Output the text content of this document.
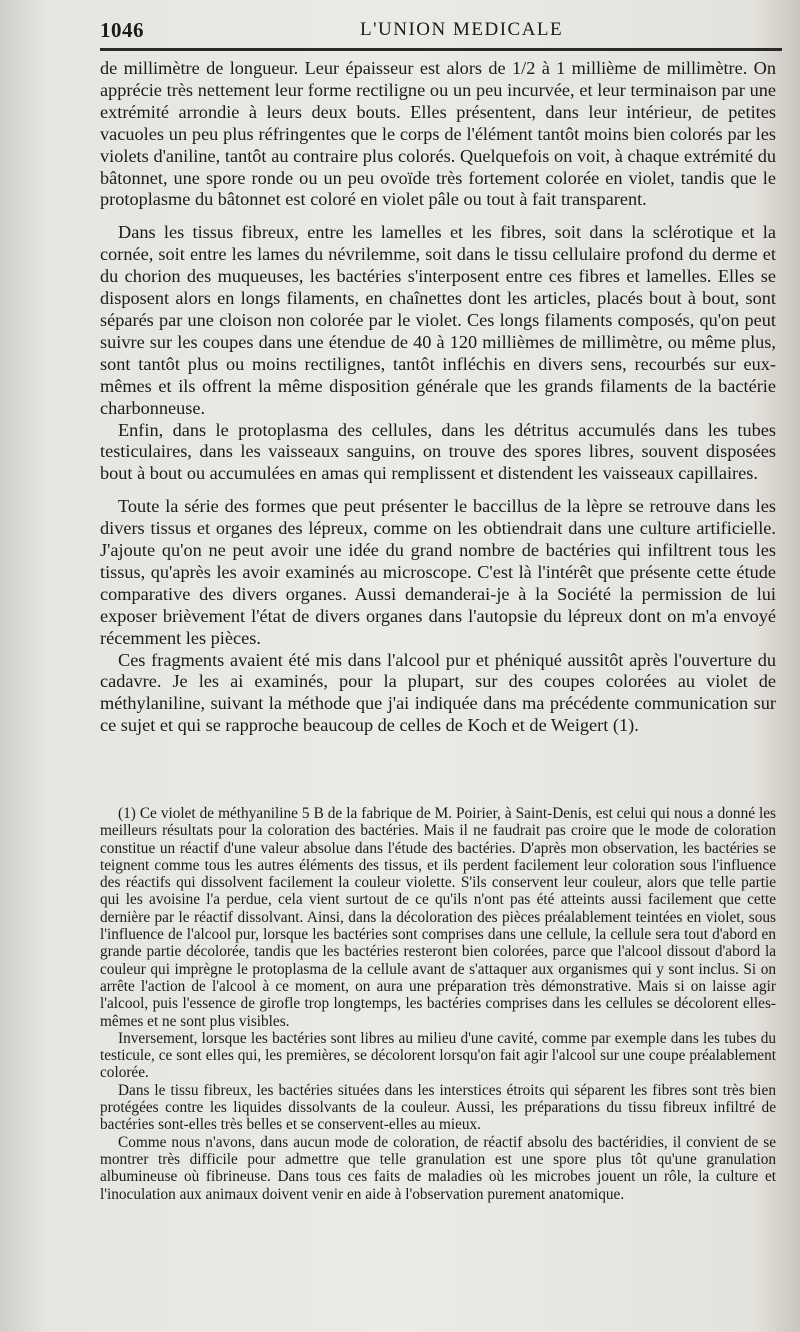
1046	L'UNION MEDICALE

de millimètre de longueur. Leur épaisseur est alors de 1/2 à 1 millième de millimètre. On apprécie très nettement leur forme rectiligne ou un peu incurvée, et leur terminaison par une extrémité arrondie à leurs deux bouts. Elles présentent, dans leur intérieur, de petites vacuoles un peu plus réfringentes que le corps de l'élément tantôt moins bien colorés par les violets d'aniline, tantôt au contraire plus colorés. Quelquefois on voit, à chaque extrémité du bâtonnet, une spore ronde ou un peu ovoïde très fortement colorée en violet, tandis que le protoplasme du bâtonnet est coloré en violet pâle ou tout à fait transparent.

Dans les tissus fibreux, entre les lamelles et les fibres, soit dans la sclérotique et la cornée, soit entre les lames du névrilemme, soit dans le tissu cellulaire profond du derme et du chorion des muqueuses, les bactéries s'interposent entre ces fibres et lamelles. Elles se disposent alors en longs filaments, en chaînettes dont les articles, placés bout à bout, sont séparés par une cloison non colorée par le violet. Ces longs filaments composés, qu'on peut suivre sur les coupes dans une étendue de 40 à 120 millièmes de millimètre, ou même plus, sont tantôt plus ou moins rectilignes, tantôt infléchis en divers sens, recourbés sur eux-mêmes et ils offrent la même disposition générale que les grands filaments de la bactérie charbonneuse.

Enfin, dans le protoplasma des cellules, dans les détritus accumulés dans les tubes testiculaires, dans les vaisseaux sanguins, on trouve des spores libres, souvent disposées bout à bout ou accumulées en amas qui remplissent et distendent les vaisseaux capillaires.

Toute la série des formes que peut présenter le baccillus de la lèpre se retrouve dans les divers tissus et organes des lépreux, comme on les obtiendrait dans une culture artificielle. J'ajoute qu'on ne peut avoir une idée du grand nombre de bactéries qui infiltrent tous les tissus, qu'après les avoir examinés au microscope. C'est là l'intérêt que présente cette étude comparative des divers organes. Aussi demanderai-je à la Société la permission de lui exposer brièvement l'état de divers organes dans l'autopsie du lépreux dont on m'a envoyé récemment les pièces.

Ces fragments avaient été mis dans l'alcool pur et phéniqué aussitôt après l'ouverture du cadavre. Je les ai examinés, pour la plupart, sur des coupes colorées au violet de méthylaniline, suivant la méthode que j'ai indiquée dans ma précédente communication sur ce sujet et qui se rapproche beaucoup de celles de Koch et de Weigert (1).

(1) Ce violet de méthyaniline 5 B de la fabrique de M. Poirier, à Saint-Denis, est celui qui nous a donné les meilleurs résultats pour la coloration des bactéries. Mais il ne faudrait pas croire que le mode de coloration constitue un réactif d'une valeur absolue dans l'étude des bactéries. D'après mon observation, les bactéries se teignent comme tous les autres éléments des tissus, et ils perdent facilement leur coloration sous l'influence des réactifs qui dissolvent facilement la couleur violette. S'ils conservent leur couleur, alors que telle partie qui les avoisine l'a perdue, cela vient surtout de ce qu'ils n'ont pas été atteints aussi facilement que cette dernière par le réactif dissolvant. Ainsi, dans la décoloration des pièces préalablement teintées en violet, sous l'influence de l'alcool pur, lorsque les bactéries sont comprises dans une cellule, la cellule sera tout d'abord en grande partie décolorée, tandis que les bactéries resteront bien colorées, parce que l'alcool dissout d'abord la couleur qui imprègne le protoplasma de la cellule avant de s'attaquer aux organismes qui y sont inclus. Si on arrête l'action de l'alcool à ce moment, on aura une préparation très démonstrative. Mais si on laisse agir l'alcool, puis l'essence de girofle trop longtemps, les bactéries comprises dans les cellules se décolorent elles-mêmes et ne sont plus visibles.

Inversement, lorsque les bactéries sont libres au milieu d'une cavité, comme par exemple dans les tubes du testicule, ce sont elles qui, les premières, se décolorent lorsqu'on fait agir l'alcool sur une coupe préalablement colorée.

Dans le tissu fibreux, les bactéries situées dans les interstices étroits qui séparent les fibres sont très bien protégées contre les liquides dissolvants de la couleur. Aussi, les préparations du tissu fibreux infiltré de bactéries sont-elles très belles et se conservent-elles au mieux.

Comme nous n'avons, dans aucun mode de coloration, de réactif absolu des bactéridies, il convient de se montrer très difficile pour admettre que telle granulation est une spore plus tôt qu'une granulation albumineuse où fibrineuse. Dans tous ces faits de maladies où les microbes jouent un rôle, la culture et l'inoculation aux animaux doivent venir en aide à l'observation purement anatomique.
